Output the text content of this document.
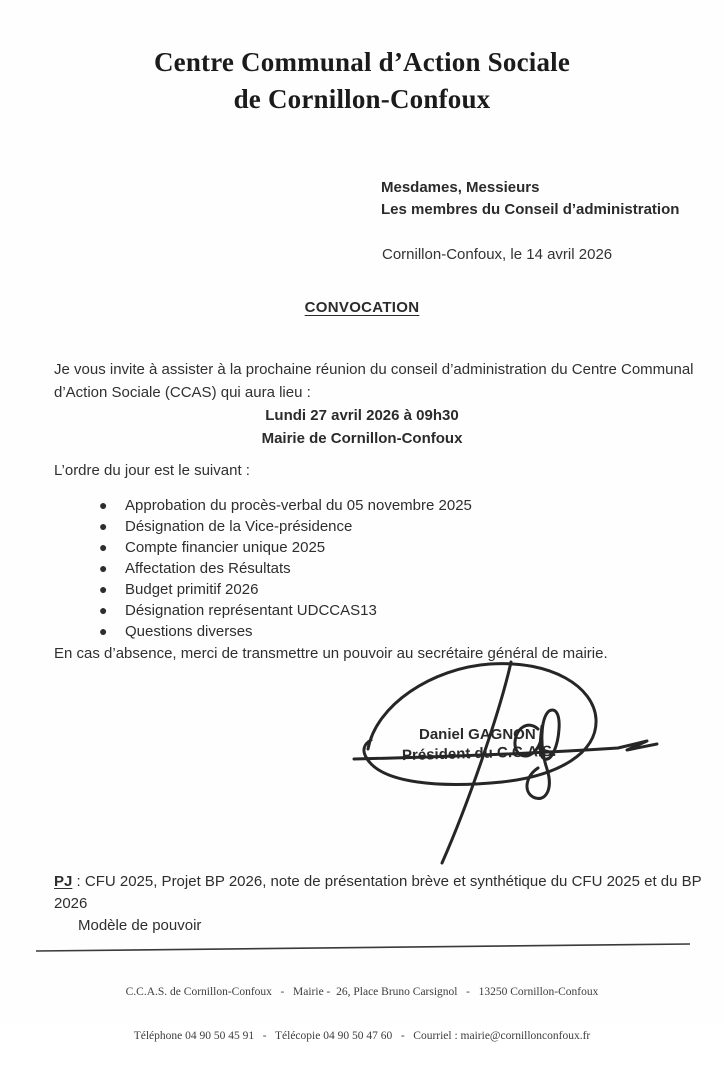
Centre Communal d’Action Sociale
de Cornillon-Confoux
Mesdames, Messieurs
Les membres du Conseil d’administration
Cornillon-Confoux, le 14 avril 2026
CONVOCATION
Je vous invite à assister à la prochaine réunion du conseil d’administration du Centre Communal
d’Action Sociale (CCAS) qui aura lieu :
Lundi 27 avril 2026 à 09h30
Mairie de Cornillon-Confoux
L’ordre du jour est le suivant :
●	Approbation du procès-verbal du 05 novembre 2025
●	Désignation de la Vice-présidence
●	Compte financier unique 2025
●	Affectation des Résultats
●	Budget primitif 2026
●	Désignation représentant UDCCAS13
●	Questions diverses
En cas d’absence, merci de transmettre un pouvoir au secrétaire général de mairie.
Daniel GAGNON
Président du C.C.A.S.
PJ : CFU 2025, Projet BP 2026, note de présentation brève et synthétique du CFU 2025 et du BP 2026
Modèle de pouvoir

C.C.A.S. de Cornillon-Confoux   -   Mairie -  26, Place Bruno Carsignol   -   13250 Cornillon-Confoux

Téléphone 04 90 50 45 91   -   Télécopie 04 90 50 47 60   -   Courriel : mairie@cornillonconfoux.fr
